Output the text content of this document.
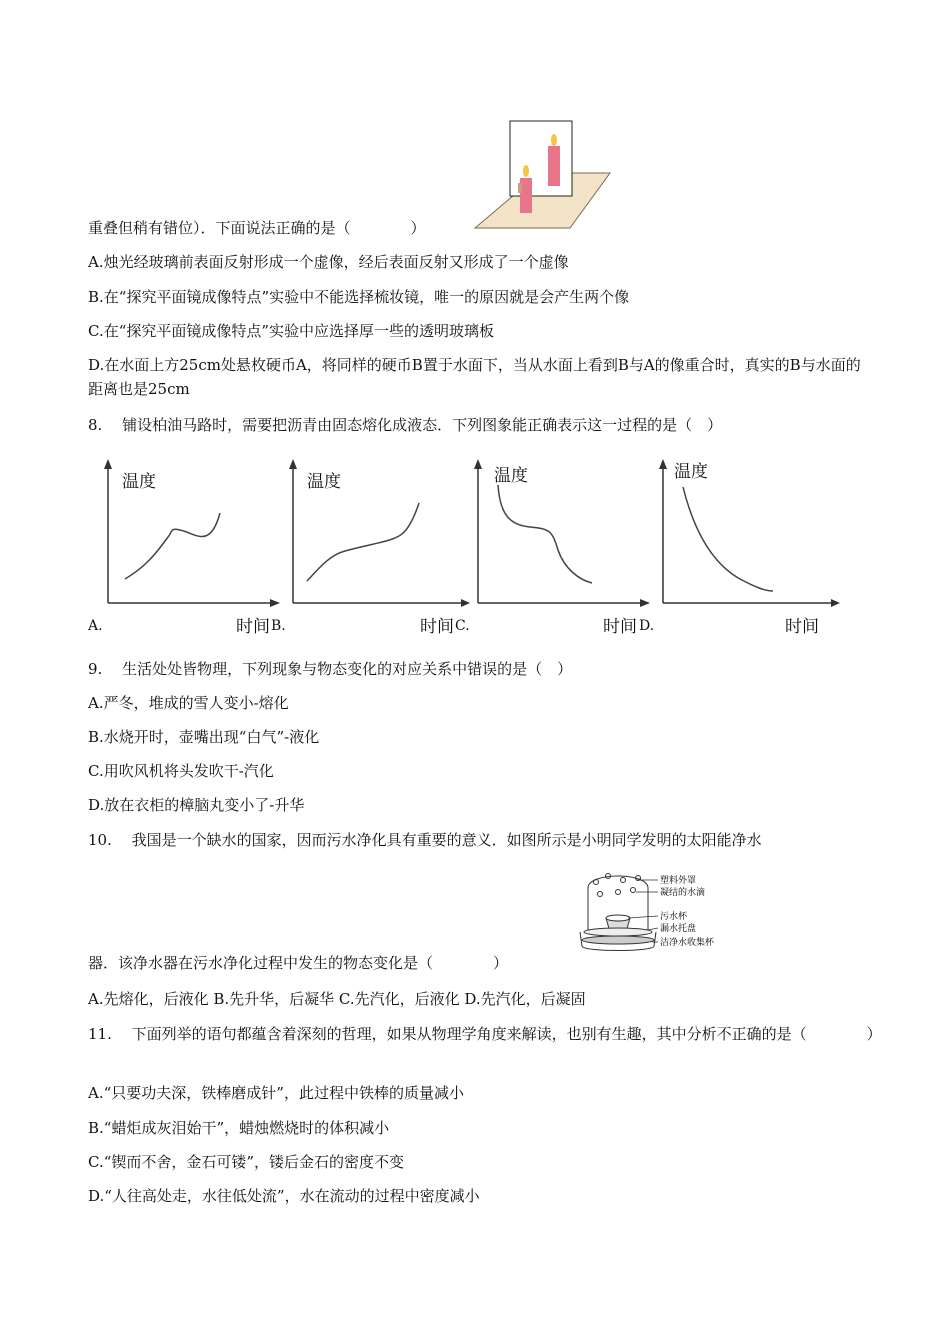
重叠但稍有错位）．下面说法正确的是（　　　　）
A.烛光经玻璃前表面反射形成一个虚像，经后表面反射又形成了一个虚像
B.在“探究平面镜成像特点”实验中不能选择梳妆镜，唯一的原因就是会产生两个像
C.在“探究平面镜成像特点”实验中应选择厚一些的透明玻璃板
D.在水面上方25cm处悬枚硬币A，将同样的硬币B置于水面下，当从水面上看到B与A的像重合时，真实的B与水面的距离也是25cm
8.　 铺设柏油马路时，需要把沥青由固态熔化成液态．下列图象能正确表示这一过程的是（　）
温度
时间
A.
温度
时间
B.
温度
时间
C.
温度
时间
D.
9.　 生活处处皆物理，下列现象与物态变化的对应关系中错误的是（　）
A.严冬，堆成的雪人变小-熔化
B.水烧开时，壶嘴出现“白气”-液化
C.用吹风机将头发吹干-汽化
D.放在衣柜的樟脑丸变小了-升华
10.　 我国是一个缺水的国家，因而污水净化具有重要的意义．如图所示是小明同学发明的太阳能净水
塑料外罩
凝结的水滴
污水杯
漏水托盘
洁净水收集杯
器．该净水器在污水净化过程中发生的物态变化是（　　　　）
A.先熔化，后液化 B.先升华，后凝华 C.先汽化，后液化 D.先汽化，后凝固
11.　 下面列举的语句都蕴含着深刻的哲理，如果从物理学角度来解读，也别有生趣，其中分析不正确的是（　　　　）
A.“只要功夫深，铁棒磨成针”，此过程中铁棒的质量减小
B.“蜡炬成灰泪始干”，蜡烛燃烧时的体积减小
C.“锲而不舍，金石可镂”，镂后金石的密度不变
D.“人往高处走，水往低处流”，水在流动的过程中密度减小
